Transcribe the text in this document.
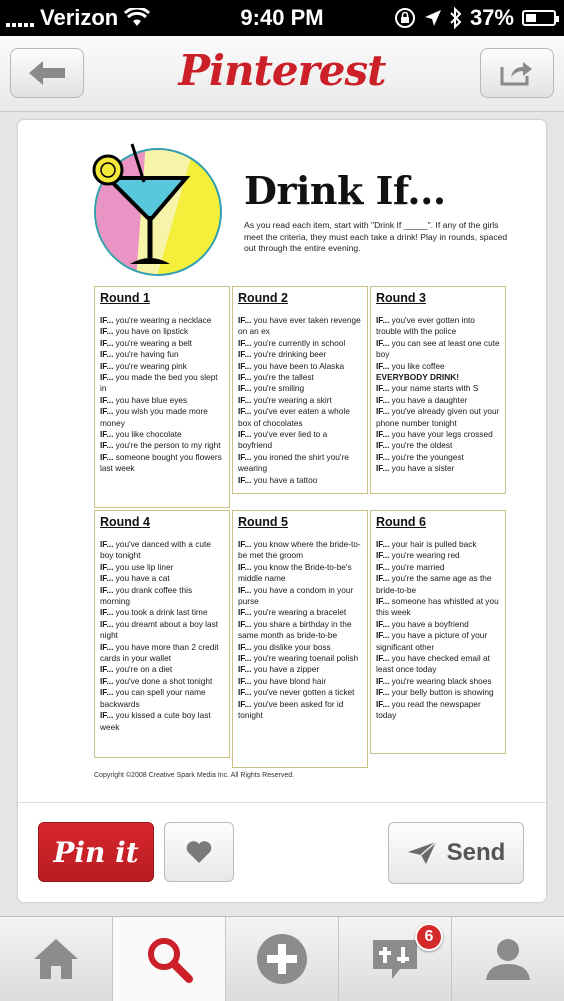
Verizon	9:40 PM	37%
Pinterest
Drink If...
As you read each item, start with "Drink If _____". If any of the girls meet the criteria, they must each take a drink! Play in rounds, spaced out through the entire evening.
Round 1
IF... you're wearing a necklace
IF... you have on lipstick
IF... you're wearing a belt
IF... you're having fun
IF... you're wearing pink
IF... you made the bed you slept in
IF... you have blue eyes
IF... you wish you made more money
IF... you like chocolate
IF... you're the person to my right
IF... someone bought you flowers last week
Round 2
IF... you have ever taken revenge on an ex
IF... you're currently in school
IF... you're drinking beer
IF... you have been to Alaska
IF... you're the tallest
IF... you're smiling
IF... you're wearing a skirt
IF... you've ever eaten a whole box of chocolates
IF... you've ever lied to a boyfriend
IF... you ironed the shirt you're wearing
IF... you have a tattoo
Round 3
IF... you've ever gotten into trouble with the police
IF... you can see at least one cute boy
IF... you like coffee
EVERYBODY DRINK!
IF... your name starts with S
IF... you have a daughter
IF... you've already given out your phone number tonight
IF... you have your legs crossed
IF... you're the oldest
IF... you're the youngest
IF... you have a sister
Round 4
IF... you've danced with a cute boy tonight
IF... you use lip liner
IF... you have a cat
IF... you drank coffee this morning
IF... you took a drink last time
IF... you dreamt about a boy last night
IF... you have more than 2 credit cards in your wallet
IF... you're on a diet
IF... you've done a shot tonight
IF... you can spell your name backwards
IF... you kissed a cute boy last week
Round 5
IF... you know where the bride-to-be met the groom
IF... you know the Bride-to-be's middle name
IF... you have a condom in your purse
IF... you're wearing a bracelet
IF... you share a birthday in the same month as bride-to-be
IF... you dislike your boss
IF... you're wearing toenail polish
IF... you have a zipper
IF... you have blond hair
IF... you've never gotten a ticket
IF... you've been asked for id tonight
Round 6
IF... your hair is pulled back
IF... you're wearing red
IF... you're married
IF... you're the same age as the bride-to-be
IF... someone has whistled at you this week
IF... you have a boyfriend
IF... you have a picture of your significant other
IF... you have checked email at least once today
IF... you're wearing black shoes
IF... your belly button is showing
IF... you read the newspaper today
Copyright ©2008 Creative Spark Media Inc. All Rights Reserved.
Pin it	Send
6
